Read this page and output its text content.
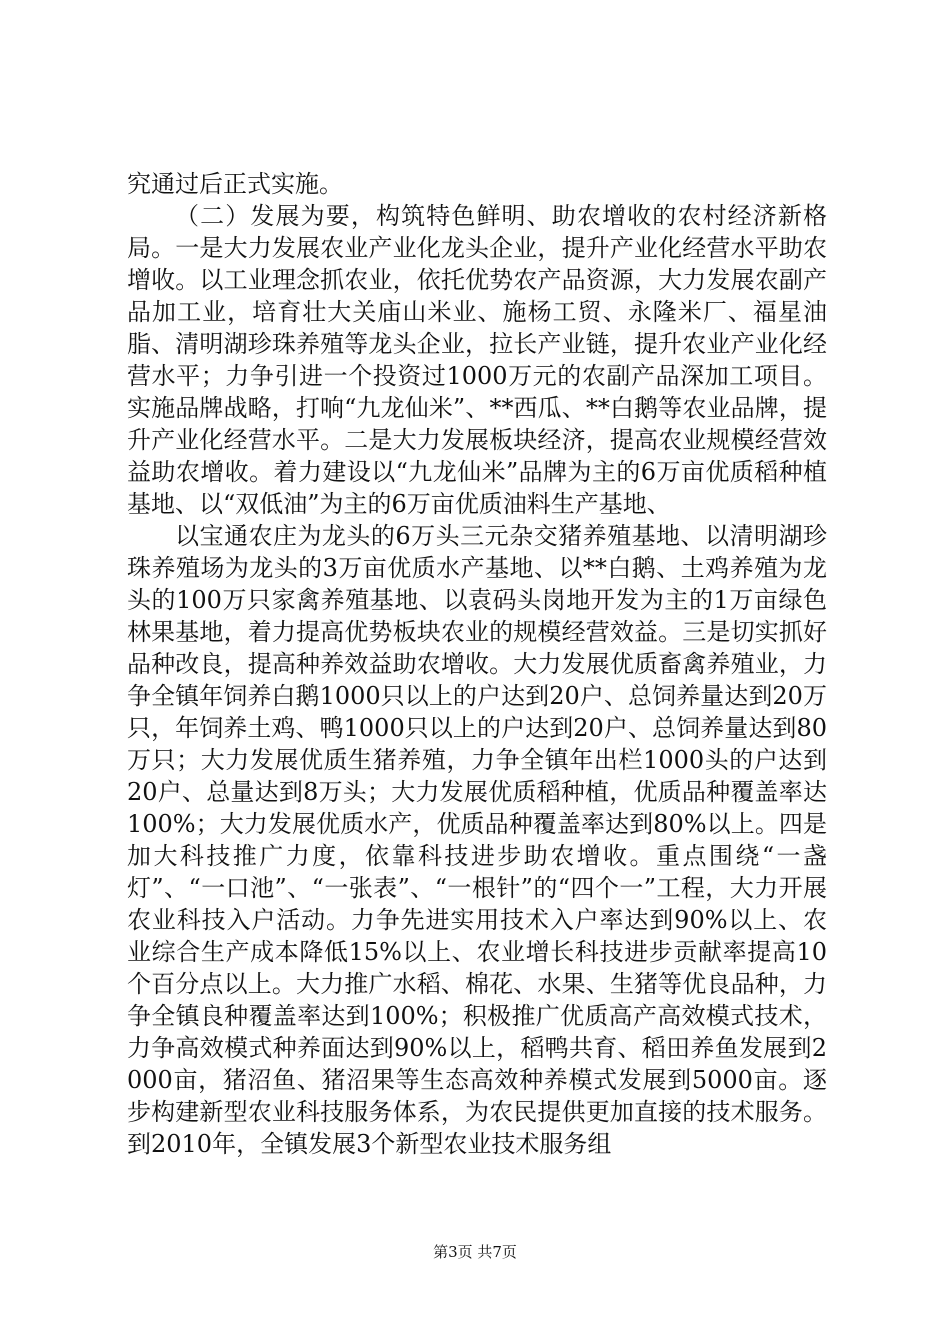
究通过后正式实施。

（二）发展为要，构筑特色鲜明、助农增收的农村经济新格局。一是大力发展农业产业化龙头企业，提升产业化经营水平助农增收。以工业理念抓农业，依托优势农产品资源，大力发展农副产品加工业，培育壮大关庙山米业、施杨工贸、永隆米厂、福星油脂、清明湖珍珠养殖等龙头企业，拉长产业链，提升农业产业化经营水平；力争引进一个投资过1000万元的农副产品深加工项目。实施品牌战略，打响“九龙仙米”、**西瓜、**白鹅等农业品牌，提升产业化经营水平。二是大力发展板块经济，提高农业规模经营效益助农增收。着力建设以“九龙仙米”品牌为主的6万亩优质稻种植基地、以“双低油”为主的6万亩优质油料生产基地、

以宝通农庄为龙头的6万头三元杂交猪养殖基地、以清明湖珍珠养殖场为龙头的3万亩优质水产基地、以**白鹅、土鸡养殖为龙头的100万只家禽养殖基地、以袁码头岗地开发为主的1万亩绿色林果基地，着力提高优势板块农业的规模经营效益。三是切实抓好品种改良，提高种养效益助农增收。大力发展优质畜禽养殖业，力争全镇年饲养白鹅1000只以上的户达到20户、总饲养量达到20万只，年饲养土鸡、鸭1000只以上的户达到20户、总饲养量达到80万只；大力发展优质生猪养殖，力争全镇年出栏1000头的户达到20户、总量达到8万头；大力发展优质稻种植，优质品种覆盖率达100%；大力发展优质水产，优质品种覆盖率达到80%以上。四是加大科技推广力度，依靠科技进步助农增收。重点围绕“一盏灯”、“一口池”、“一张表”、“一根针”的“四个一”工程，大力开展农业科技入户活动。力争先进实用技术入户率达到90%以上、农业综合生产成本降低15%以上、农业增长科技进步贡献率提高10个百分点以上。大力推广水稻、棉花、水果、生猪等优良品种，力争全镇良种覆盖率达到100%；积极推广优质高产高效模式技术，力争高效模式种养面达到90%以上，稻鸭共育、稻田养鱼发展到2000亩，猪沼鱼、猪沼果等生态高效种养模式发展到5000亩。逐步构建新型农业科技服务体系，为农民提供更加直接的技术服务。到2010年，全镇发展3个新型农业技术服务组

第3页 共7页
